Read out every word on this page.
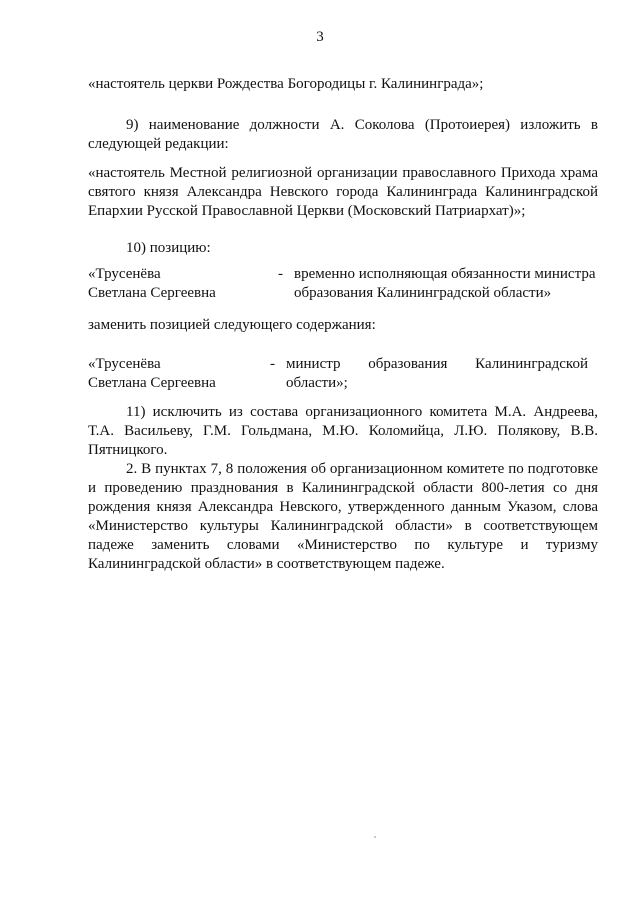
3
«настоятель церкви Рождества Богородицы г. Калининграда»;
9) наименование должности А. Соколова (Протоиерея) изложить в следующей редакции:
«настоятель Местной религиозной организации православного Прихода храма святого князя Александра Невского города Калининграда Калининградской Епархии Русской Православной Церкви (Московский Патриархат)»;
10) позицию:
«Трусенёва
Светлана Сергеевна
- временно исполняющая обязанности министра
образования Калининградской области»
заменить позицией следующего содержания:
«Трусенёва
Светлана Сергеевна
- министр образования Калининградской
области»;
11) исключить из состава организационного комитета М.А. Андреева, Т.А. Васильеву, Г.М. Гольдмана, М.Ю. Коломийца, Л.Ю. Полякову, В.В. Пятницкого.
2. В пунктах 7, 8 положения об организационном комитете по подготовке и проведению празднования в Калининградской области 800-летия со дня рождения князя Александра Невского, утвержденного данным Указом, слова «Министерство культуры Калининградской области» в соответствующем падеже заменить словами «Министерство по культуре и туризму Калининградской области» в соответствующем падеже.
